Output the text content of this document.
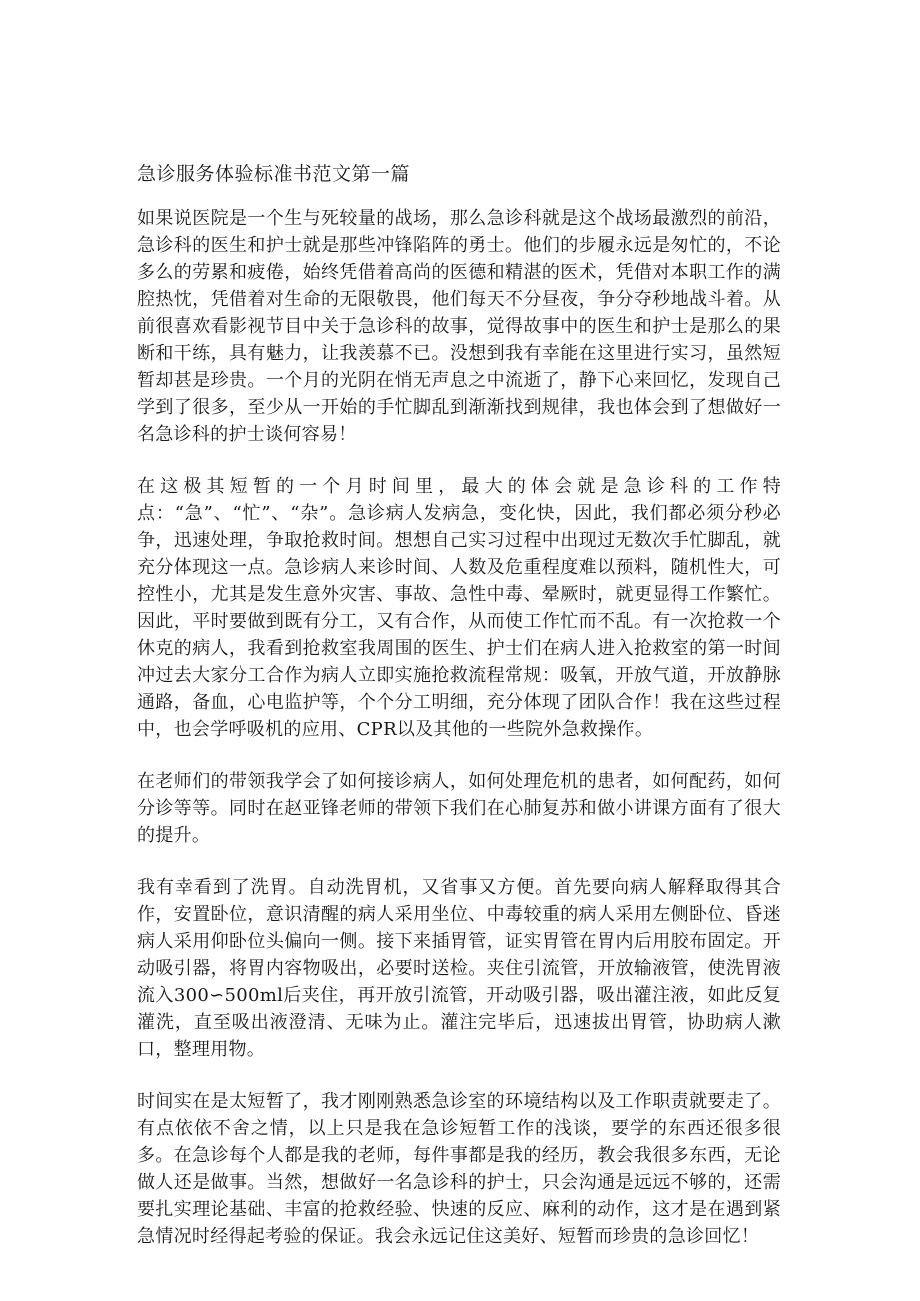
急诊服务体验标准书范文第一篇

如果说医院是一个生与死较量的战场，那么急诊科就是这个战场最激烈的前沿，急诊科的医生和护士就是那些冲锋陷阵的勇士。他们的步履永远是匆忙的，不论多么的劳累和疲倦，始终凭借着高尚的医德和精湛的医术，凭借对本职工作的满腔热忱，凭借着对生命的无限敬畏，他们每天不分昼夜，争分夺秒地战斗着。从前很喜欢看影视节目中关于急诊科的故事，觉得故事中的医生和护士是那么的果断和干练，具有魅力，让我羡慕不已。没想到我有幸能在这里进行实习，虽然短暂却甚是珍贵。一个月的光阴在悄无声息之中流逝了，静下心来回忆，发现自己学到了很多，至少从一开始的手忙脚乱到渐渐找到规律，我也体会到了想做好一名急诊科的护士谈何容易！

在这极其短暂的一个月时间里，最大的体会就是急诊科的工作特点：“急”、“忙”、“杂”。急诊病人发病急，变化快，因此，我们都必须分秒必争，迅速处理，争取抢救时间。想想自己实习过程中出现过无数次手忙脚乱，就充分体现这一点。急诊病人来诊时间、人数及危重程度难以预料，随机性大，可控性小，尤其是发生意外灾害、事故、急性中毒、晕厥时，就更显得工作繁忙。因此，平时要做到既有分工，又有合作，从而使工作忙而不乱。有一次抢救一个休克的病人，我看到抢救室我周围的医生、护士们在病人进入抢救室的第一时间冲过去大家分工合作为病人立即实施抢救流程常规：吸氧，开放气道，开放静脉通路，备血，心电监护等，个个分工明细，充分体现了团队合作！我在这些过程中，也会学呼吸机的应用、CPR以及其他的一些院外急救操作。

在老师们的带领我学会了如何接诊病人，如何处理危机的患者，如何配药，如何分诊等等。同时在赵亚锋老师的带领下我们在心肺复苏和做小讲课方面有了很大的提升。

我有幸看到了洗胃。自动洗胃机，又省事又方便。首先要向病人解释取得其合作，安置卧位，意识清醒的病人采用坐位、中毒较重的病人采用左侧卧位、昏迷病人采用仰卧位头偏向一侧。接下来插胃管，证实胃管在胃内后用胶布固定。开动吸引器，将胃内容物吸出，必要时送检。夹住引流管，开放输液管，使洗胃液流入300∽500ml后夹住，再开放引流管，开动吸引器，吸出灌注液，如此反复灌洗，直至吸出液澄清、无味为止。灌注完毕后，迅速拔出胃管，协助病人漱口，整理用物。

时间实在是太短暂了，我才刚刚熟悉急诊室的环境结构以及工作职责就要走了。有点依依不舍之情，以上只是我在急诊短暂工作的浅谈，要学的东西还很多很多。在急诊每个人都是我的老师，每件事都是我的经历，教会我很多东西，无论做人还是做事。当然，想做好一名急诊科的护士，只会沟通是远远不够的，还需要扎实理论基础、丰富的抢救经验、快速的反应、麻利的动作，这才是在遇到紧急情况时经得起考验的保证。我会永远记住这美好、短暂而珍贵的急诊回忆！
